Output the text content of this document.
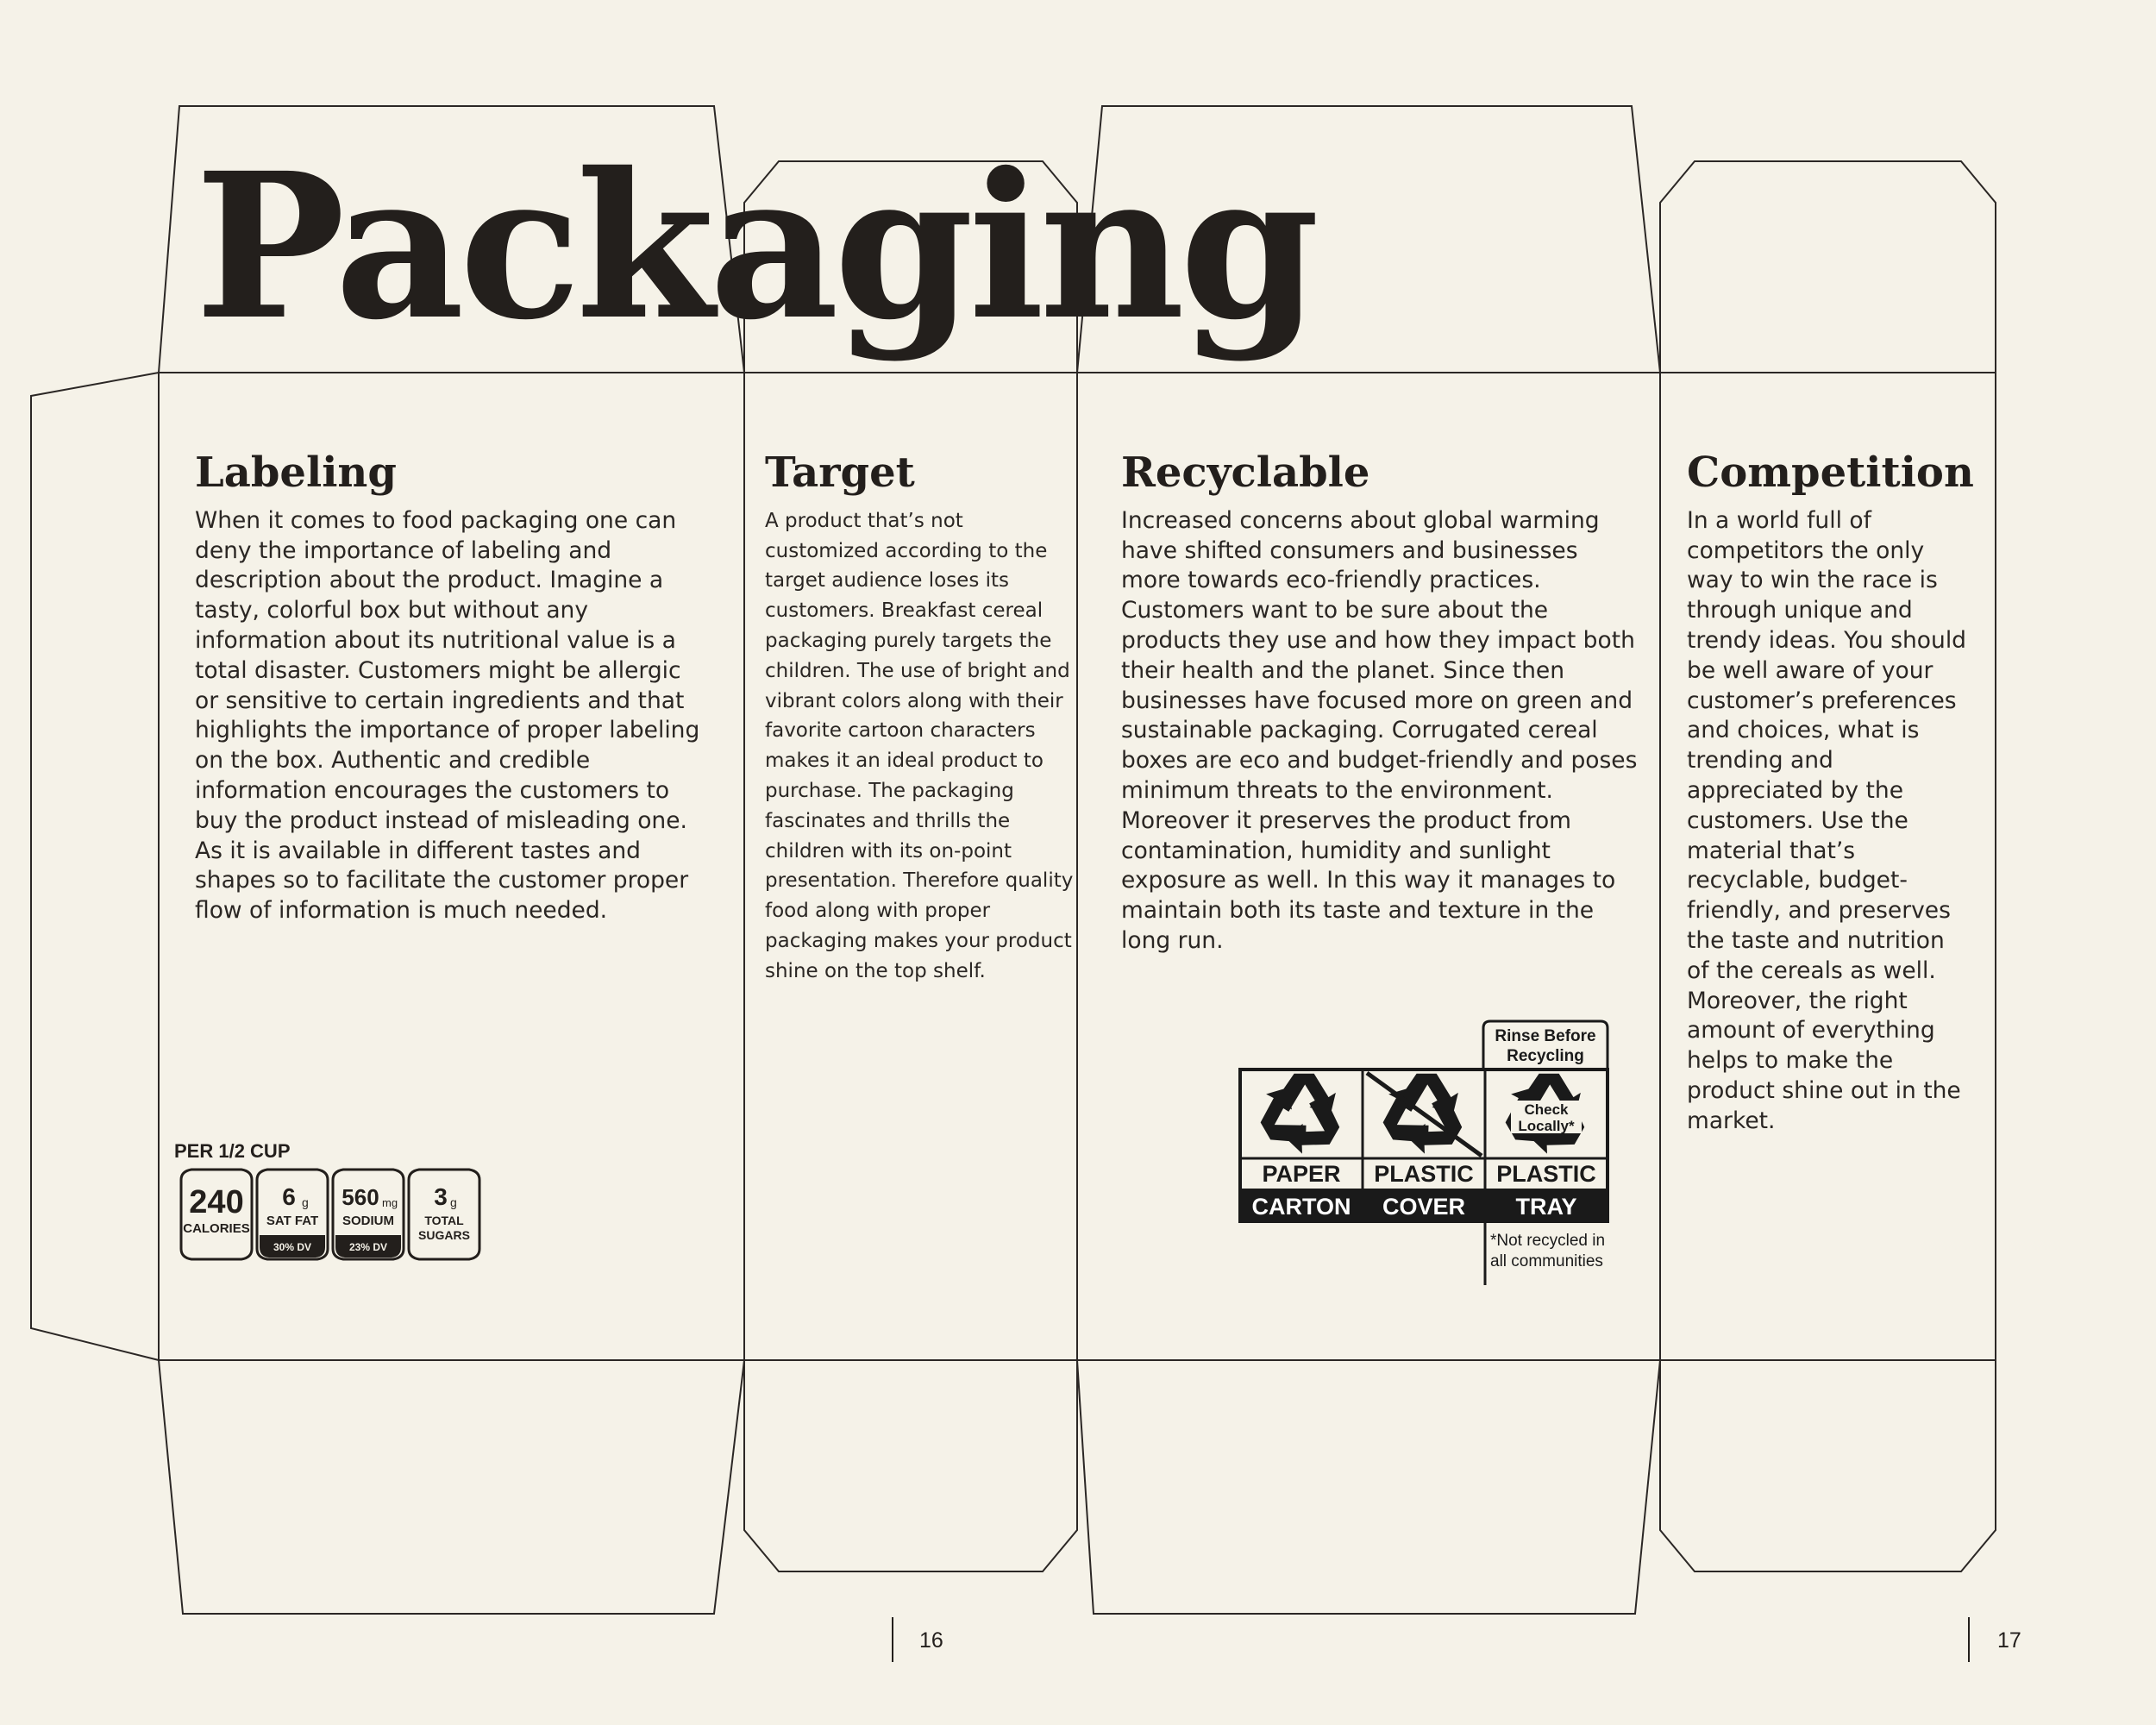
Packaging
Labeling

When it comes to food packaging one can deny the importance of labeling and description about the product. Imagine a tasty, colorful box but without any information about its nutritional value is a total disaster. Customers might be allergic or sensitive to certain ingredients and that highlights the importance of proper labeling on the box. Authentic and credible information encourages the customers to buy the product instead of misleading one. As it is available in different tastes and shapes so to facilitate the customer proper flow of information is much needed.

Target

A product that’s not customized according to the target audience loses its customers. Breakfast cereal packaging purely targets the children. The use of bright and vibrant colors along with their favorite cartoon characters makes it an ideal product to purchase. The packaging fascinates and thrills the children with its on-point presentation. Therefore quality food along with proper packaging makes your product shine on the top shelf.

Recyclable

Increased concerns about global warming have shifted consumers and businesses more towards eco-friendly practices. Customers want to be sure about the products they use and how they impact both their health and the planet. Since then businesses have focused more on green and sustainable packaging. Corrugated cereal boxes are eco and budget-friendly and poses minimum threats to the environment. Moreover it preserves the product from contamination, humidity and sunlight exposure as well. In this way it manages to maintain both its taste and texture in the long run.

Competition

In a world full of competitors the only way to win the race is through unique and trendy ideas. You should be well aware of your customer’s preferences and choices, what is trending and appreciated by the customers. Use the material that’s recyclable, budget-friendly, and preserves the taste and nutrition of the cereals as well. Moreover, the right amount of everything helps to make the product shine out in the market.

PER 1/2 CUP
240
CALORIES
6 g
SAT FAT
30% DV
560 mg
SODIUM
23% DV
3 g
TOTAL
SUGARS
Rinse Before
Recycling
Check
Locally*
PAPER PLASTIC PLASTIC
CARTON COVER TRAY
*Not recycled in
all communities
16	17
